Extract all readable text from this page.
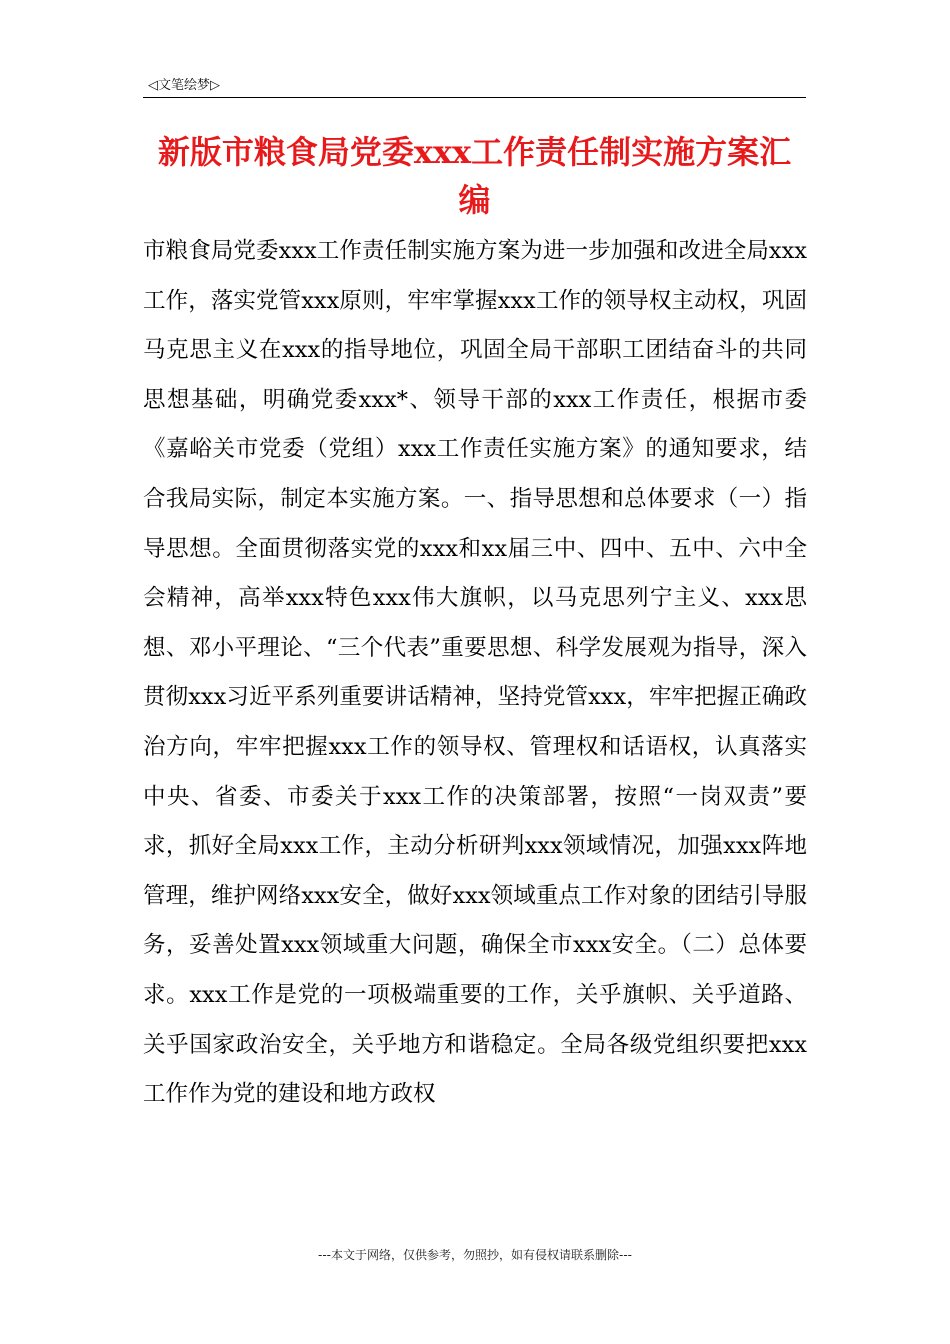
◁文笔绘梦▷
新版市粮食局党委xxx工作责任制实施方案汇编

市粮食局党委xxx工作责任制实施方案为进一步加强和改进全局xxx工作，落实党管xxx原则，牢牢掌握xxx工作的领导权主动权，巩固马克思主义在xxx的指导地位，巩固全局干部职工团结奋斗的共同思想基础，明确党委xxx*、领导干部的xxx工作责任，根据市委《嘉峪关市党委（党组）xxx工作责任实施方案》的通知要求，结合我局实际，制定本实施方案。一、指导思想和总体要求（一）指导思想。全面贯彻落实党的xxx和xx届三中、四中、五中、六中全会精神，高举xxx特色xxx伟大旗帜，以马克思列宁主义、xxx思想、邓小平理论、“三个代表”重要思想、科学发展观为指导，深入贯彻xxx习近平系列重要讲话精神，坚持党管xxx，牢牢把握正确政治方向，牢牢把握xxx工作的领导权、管理权和话语权，认真落实中央、省委、市委关于xxx工作的决策部署，按照“一岗双责”要求，抓好全局xxx工作，主动分析研判xxx领域情况，加强xxx阵地管理，维护网络xxx安全，做好xxx领域重点工作对象的团结引导服务，妥善处置xxx领域重大问题，确保全市xxx安全。（二）总体要求。xxx工作是党的一项极端重要的工作，关乎旗帜、关乎道路、关乎国家政治安全，关乎地方和谐稳定。全局各级党组织要把xxx工作作为党的建设和地方政权

---本文于网络，仅供参考，勿照抄，如有侵权请联系删除---
